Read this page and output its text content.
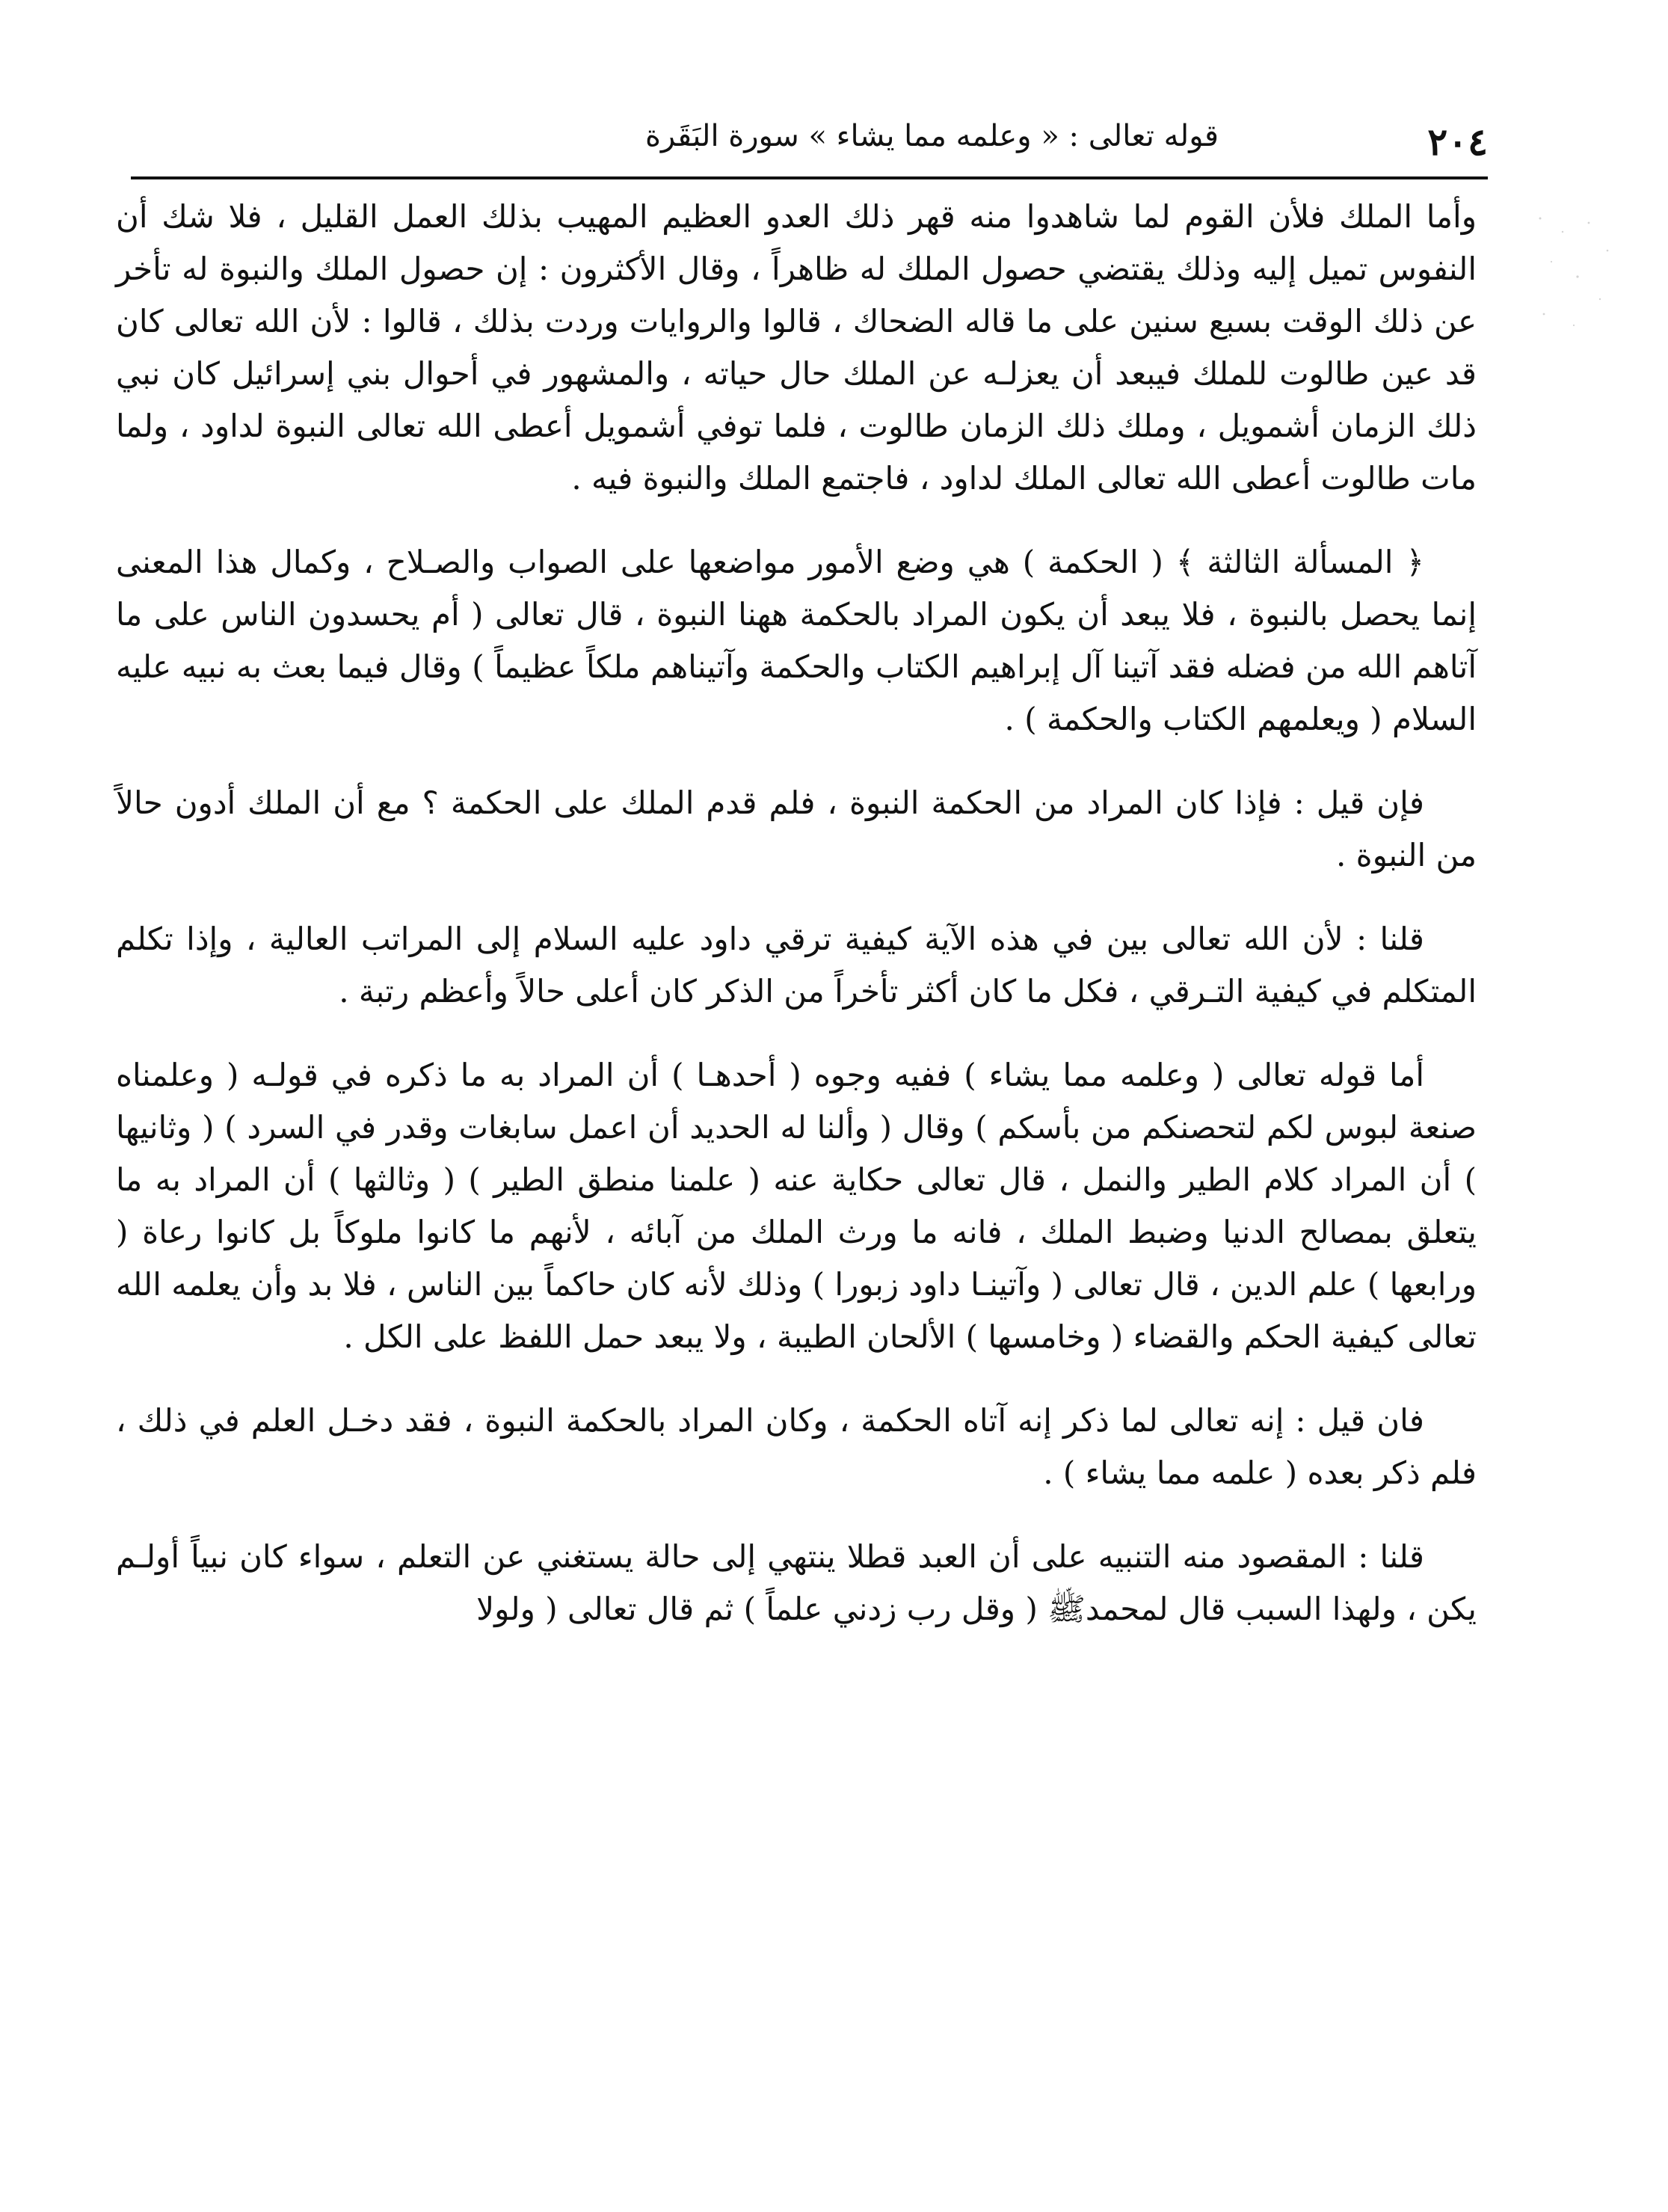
٢٠٤
قوله تعالى : « وعلمه مما يشاء » سورة البَقَرة

وأما الملك فلأن القوم لما شاهدوا منه قهر ذلك العدو العظيم المهيب بذلك العمل القليل ، فلا شك أن النفوس تميل إليه وذلك يقتضي حصول الملك له ظاهراً ، وقال الأكثرون : إن حصول الملك والنبوة له تأخر عن ذلك الوقت بسبع سنين على ما قاله الضحاك ، قالوا والروايات وردت بذلك ، قالوا : لأن الله تعالى كان قد عين طالوت للملك فيبعد أن يعزلـه عن الملك حال حياته ، والمشهور في أحوال بني إسرائيل كان نبي ذلك الزمان أشمويل ، وملك ذلك الزمان طالوت ، فلما توفي أشمويل أعطى الله تعالى النبوة لداود ، ولما مات طالوت أعطى الله تعالى الملك لداود ، فاجتمع الملك والنبوة فيه .

﴿ المسألة الثالثة ﴾ ( الحكمة ) هي وضع الأمور مواضعها على الصواب والصـلاح ، وكمال هذا المعنى إنما يحصل بالنبوة ، فلا يبعد أن يكون المراد بالحكمة ههنا النبوة ، قال تعالى ( أم يحسدون الناس على ما آتاهم الله من فضله فقد آتينا آل إبراهيم الكتاب والحكمة وآتيناهم ملكاً عظيماً ) وقال فيما بعث به نبيه عليه السلام ( ويعلمهم الكتاب والحكمة ) .

فإن قيل : فإذا كان المراد من الحكمة النبوة ، فلم قدم الملك على الحكمة ؟ مع أن الملك أدون حالاً من النبوة .

قلنا : لأن الله تعالى بين في هذه الآية كيفية ترقي داود عليه السلام إلى المراتب العالية ، وإذا تكلم المتكلم في كيفية التـرقي ، فكل ما كان أكثر تأخراً من الذكر كان أعلى حالاً وأعظم رتبة .

أما قوله تعالى ( وعلمه مما يشاء ) ففيه وجوه ( أحدهـا ) أن المراد به ما ذكره في قولـه ( وعلمناه صنعة لبوس لكم لتحصنكم من بأسكم ) وقال ( وألنا له الحديد أن اعمل سابغات وقدر في السرد ) ( وثانيها ) أن المراد كلام الطير والنمل ، قال تعالى حكاية عنه ( علمنا منطق الطير ) ( وثالثها ) أن المراد به ما يتعلق بمصالح الدنيا وضبط الملك ، فانه ما ورث الملك من آبائه ، لأنهم ما كانوا ملوكاً بل كانوا رعاة ( ورابعها ) علم الدين ، قال تعالى ( وآتينـا داود زبورا ) وذلك لأنه كان حاكماً بين الناس ، فلا بد وأن يعلمه الله تعالى كيفية الحكم والقضاء ( وخامسها ) الألحان الطيبة ، ولا يبعد حمل اللفظ على الكل .

فان قيل : إنه تعالى لما ذكر إنه آتاه الحكمة ، وكان المراد بالحكمة النبوة ، فقد دخـل العلم في ذلك ، فلم ذكر بعده ( علمه مما يشاء ) .

قلنا : المقصود منه التنبيه على أن العبد قطلا ينتهي إلى حالة يستغني عن التعلم ، سواء كان نبياً أولـم يكن ، ولهذا السبب قال لمحمدﷺ ( وقل رب زدني علماً ) ثم قال تعالى ( ولولا
